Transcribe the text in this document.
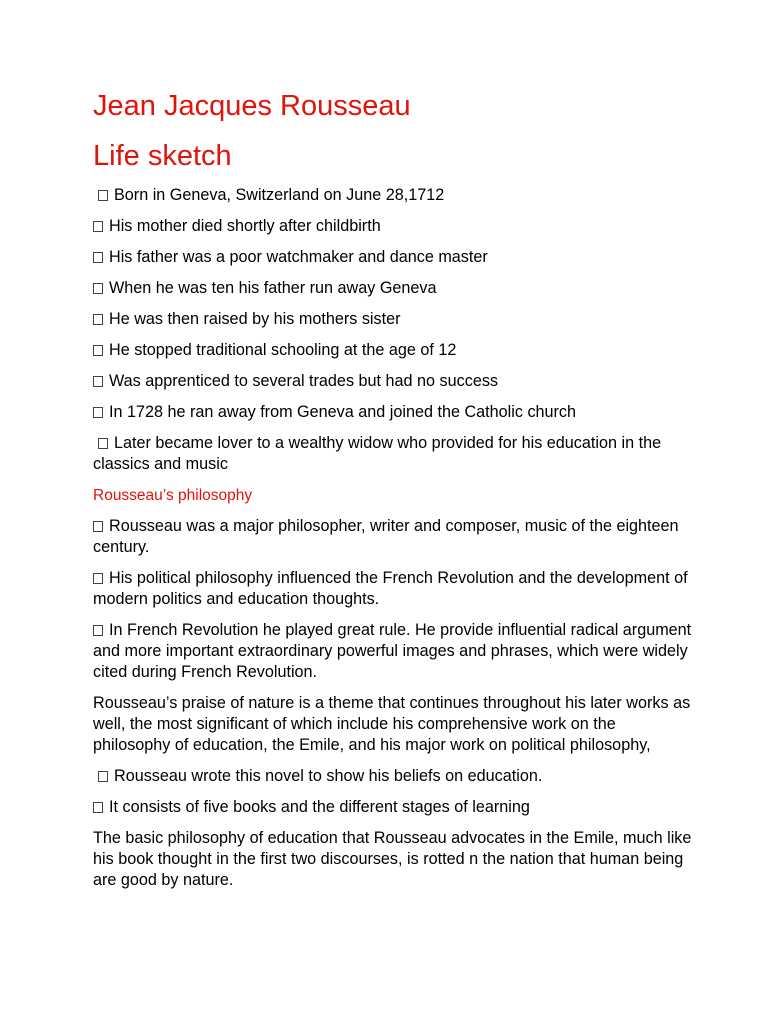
Jean Jacques Rousseau
Life sketch
Born in Geneva, Switzerland on June 28,1712
His mother died shortly after childbirth
His father was a poor watchmaker and dance master
When he was ten his father run away Geneva
He was then raised by his mothers sister
He stopped traditional schooling at the age of 12
Was apprenticed to several trades but had no success
In 1728 he ran away from Geneva and joined the Catholic church
Later became lover to a wealthy widow who provided for his education in the classics and music
Rousseau’s philosophy
Rousseau was a major philosopher, writer and composer, music of the eighteen century.
His political philosophy influenced the French Revolution and the development of modern politics and education thoughts.
In French Revolution he played great rule. He provide influential radical argument and more important extraordinary powerful images and phrases, which were widely cited during French Revolution.

Rousseau’s praise of nature is a theme that continues throughout his later works as well, the most significant of which include his comprehensive work on the philosophy of education, the Emile, and his major work on political philosophy,

Rousseau wrote this novel to show his beliefs on education.
It consists of five books and the different stages of learning

The basic philosophy of education that Rousseau advocates in the Emile, much like his book thought in the first two discourses, is rotted n the nation that human being are good by nature.
